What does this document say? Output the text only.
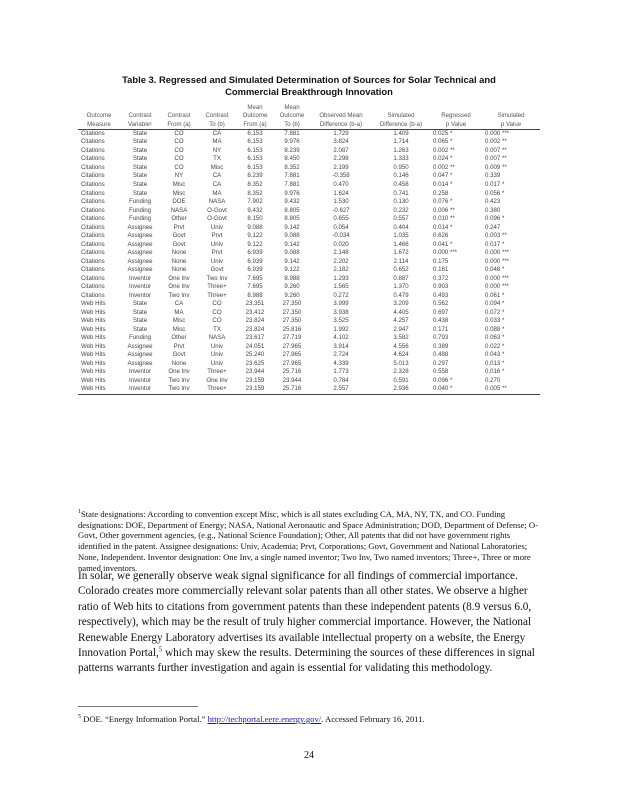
Table 3. Regressed and Simulated Determination of Sources for Solar Technical and
Commercial Breakthrough Innovation
				Mean	Mean				
Outcome	Contrast	Contrast	Contrast	Outcome	Outcome	Observed Mean	Simulated	Regressed	Simulated
Measure	Variable¹	From (a)	To (b)	From (a)	To (b)	Difference (b-a)	Difference (b-a)	p Value	p Value
Citations	State	CO	CA	6.153	7.881	1.729	1.409	0.025 *	0.000 ***
Citations	State	CO	MA	6.153	9.976	3.824	1.714	0.065 *	0.002 **
Citations	State	CO	NY	6.153	8.239	2.087	1.263	0.002 **	0.007 **
Citations	State	CO	TX	6.153	8.450	2.298	1.333	0.024 *	0.007 **
Citations	State	CO	Misc	6.153	8.352	2.199	0.950	0.002 **	0.009 **
Citations	State	NY	CA	8.239	7.881	-0.358	0.146	0.047 *	0.339
Citations	State	Misc	CA	8.352	7.881	0.470	0.458	0.014 *	0.017 *
Citations	State	Misc	MA	8.352	9.976	1.624	0.741	0.258	0.056 *
Citations	Funding	DOE	NASA	7.902	9.432	1.530	0.130	0.076 *	0.423
Citations	Funding	NASA	O-Govt	9.432	8.805	-0.627	0.232	0.006 **	0.380
Citations	Funding	Other	O-Govt	8.150	8.805	0.655	0.557	0.010 **	0.096 *
Citations	Assignee	Prvt	Univ	9.088	9.142	0.054	0.404	0.014 *	0.247
Citations	Assignee	Govt	Prvt	9.122	9.088	-0.034	1.035	0.626	0.003 **
Citations	Assignee	Govt	Univ	9.122	9.142	0.020	1.466	0.041 *	0.017 *
Citations	Assignee	None	Prvt	6.939	9.088	2.148	1.672	0.000 ***	0.000 ***
Citations	Assignee	None	Univ	6.939	9.142	2.202	2.114	0.175	0.000 ***
Citations	Assignee	None	Govt	6.939	9.122	2.182	0.652	0.161	0.048 *
Citations	Inventor	One Inv	Two Inv	7.695	8.988	1.293	0.887	0.372	0.000 ***
Citations	Inventor	One Inv	Three+	7.695	9.260	1.565	1.370	0.903	0.000 ***
Citations	Inventor	Two Inv	Three+	8.988	9.260	0.272	0.479	0.493	0.061 *
Web Hits	State	CA	CO	23.351	27.350	3.999	3.209	0.562	0.094 *
Web Hits	State	MA	CO	23.412	27.350	3.938	4.405	0.697	0.072 *
Web Hits	State	Misc	CO	23.824	27.350	3.525	4.257	0.438	0.033 *
Web Hits	State	Misc	TX	23.824	25.816	1.992	2.947	0.171	0.088 *
Web Hits	Funding	Other	NASA	23.617	27.719	4.102	3.582	0.793	0.063 *
Web Hits	Assignee	Prvt	Univ	24.051	27.965	3.914	4.556	0.389	0.022 *
Web Hits	Assignee	Govt	Univ	25.240	27.965	2.724	4.624	0.488	0.043 *
Web Hits	Assignee	None	Univ	23.625	27.965	4.339	5.013	0.297	0.013 *
Web Hits	Inventor	One Inv	Three+	23.944	25.716	1.773	2.328	0.558	0.016 *
Web Hits	Inventor	Two Inv	One Inv	23.159	23.944	0.784	0.591	0.096 *	0.270
Web Hits	Inventor	Two Inv	Three+	23.159	25.716	2.557	2.936	0.040 *	0.005 **
$^1$State designations: According to convention except Misc, which is all states excluding CA, MA, NY, TX, and CO. Funding designations: DOE, Department of Energy; NASA, National Aeronautic and Space Administration; DOD, Department of Defense; O-Govt, Other government agencies, (e.g., National Science Foundation); Other, All patents that did not have government rights identified in the patent. Assignee designations: Univ, Academia; Prvt, Corporations; Govt, Government and National Laboratories; None, Independent. Inventor designation: One Inv, a single named inventor; Two Inv, Two named inventors; Three+, Three or more named inventors.
In solar, we generally observe weak signal significance for all findings of commercial importance. Colorado creates more commercially relevant solar patents than all other states. We observe a higher ratio of Web hits to citations from government patents than these independent patents (8.9 versus 6.0, respectively), which may be the result of truly higher commercial importance. However, the National Renewable Energy Laboratory advertises its available intellectual property on a website, the Energy Innovation Portal,$^5$ which may skew the results. Determining the sources of these differences in signal patterns warrants further investigation and again is essential for validating this methodology.
$^5$ DOE. “Energy Information Portal.” http://techportal.eere.energy.gov/. Accessed February 16, 2011.
24
